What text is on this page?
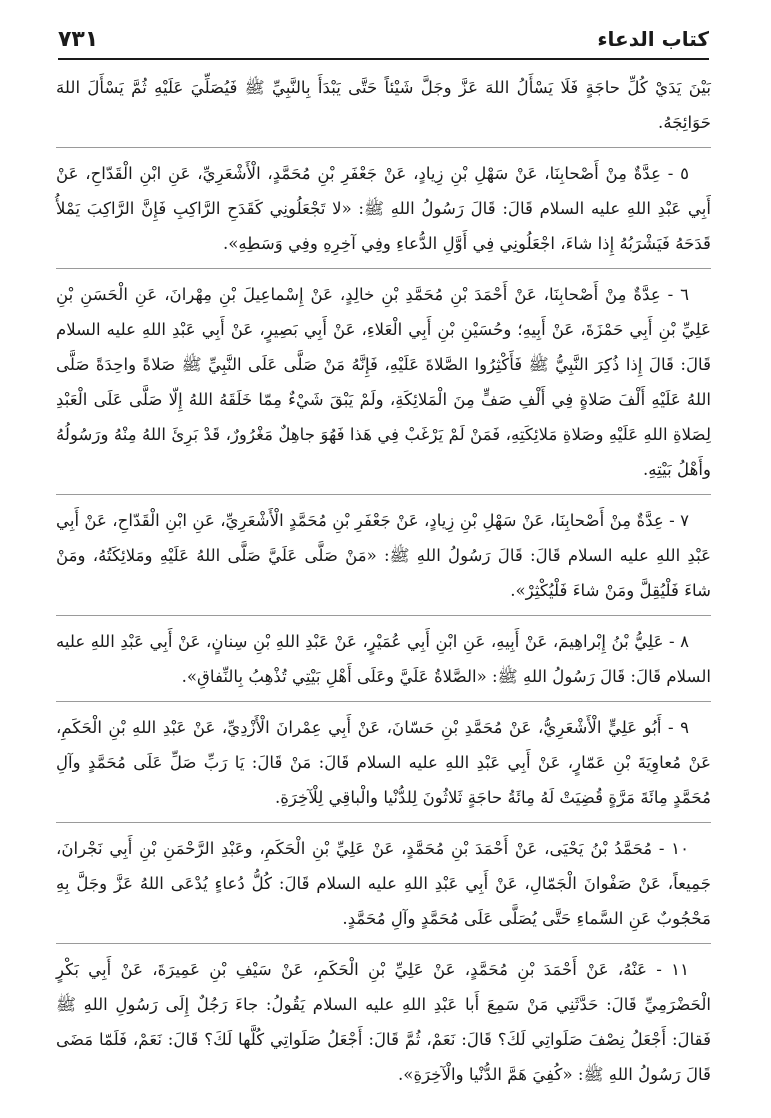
٧٣١	كتاب الدعاء

بَيْنَ يَدَيْ كُلِّ حاجَةٍ فَلَا يَسْأَلُ اللهَ عَزَّ وجَلَّ شَيْئاً حَتَّى يَبْدَأَ بِالنَّبِيِّ ﷺ فَيُصَلِّيَ عَلَيْهِ ثُمَّ يَسْأَلَ اللهَ حَوَائِجَهُ.

٥ - عِدَّةٌ مِنْ أَصْحابِنَا، عَنْ سَهْلِ بْنِ زِيادٍ، عَنْ جَعْفَرِ بْنِ مُحَمَّدٍ، الْأَشْعَرِيِّ، عَنِ ابْنِ الْقَدّاحِ، عَنْ أَبِي عَبْدِ اللهِ عليه السلام قَالَ: قَالَ رَسُولُ اللهِ ﷺ: «لا تَجْعَلُونِي كَقَدَحِ الرَّاكِبِ فَإِنَّ الرَّاكِبَ يَمْلأُ قَدَحَهُ فَيَشْرَبُهُ إِذا شاءَ، اجْعَلُونِي فِي أَوَّلِ الدُّعاءِ وفِي آخِرِهِ وفِي وَسَطِهِ».

٦ - عِدَّةٌ مِنْ أَصْحابِنَا، عَنْ أَحْمَدَ بْنِ مُحَمَّدِ بْنِ خالِدٍ، عَنْ إِسْماعِيلَ بْنِ مِهْرانَ، عَنِ الْحَسَنِ بْنِ عَلِيِّ بْنِ أَبِي حَمْزَةَ، عَنْ أَبِيهِ؛ وحُسَيْنِ بْنِ أَبِي الْعَلاءِ، عَنْ أَبِي بَصِيرٍ، عَنْ أَبِي عَبْدِ اللهِ عليه السلام قَالَ: قَالَ إِذا ذُكِرَ النَّبِيُّ ﷺ فَأَكْثِرُوا الصَّلاةَ عَلَيْهِ، فَإِنَّهُ مَنْ صَلَّى عَلَى النَّبِيِّ ﷺ صَلاةً واحِدَةً صَلَّى اللهُ عَلَيْهِ أَلْفَ صَلاةٍ فِي أَلْفِ صَفٍّ مِنَ الْمَلائِكَةِ، ولَمْ يَبْقَ شَيْءٌ مِمّا خَلَقَهُ اللهُ إِلّا صَلَّى عَلَى الْعَبْدِ لِصَلاةِ اللهِ عَلَيْهِ وصَلاةِ مَلائِكَتِهِ، فَمَنْ لَمْ يَرْغَبْ فِي هَذا فَهُوَ جاهِلٌ مَغْرُورٌ، قَدْ بَرِئَ اللهُ مِنْهُ ورَسُولُهُ وأَهْلُ بَيْتِهِ.

٧ - عِدَّةٌ مِنْ أَصْحابِنَا، عَنْ سَهْلِ بْنِ زِيادٍ، عَنْ جَعْفَرِ بْنِ مُحَمَّدٍ الْأَشْعَرِيِّ، عَنِ ابْنِ الْقَدّاحِ، عَنْ أَبِي عَبْدِ اللهِ عليه السلام قَالَ: قَالَ رَسُولُ اللهِ ﷺ: «مَنْ صَلَّى عَلَيَّ صَلَّى اللهُ عَلَيْهِ ومَلائِكَتُهُ، ومَنْ شاءَ فَلْيُقِلَّ ومَنْ شاءَ فَلْيُكْثِرْ».

٨ - عَلِيُّ بْنُ إِبْراهِيمَ، عَنْ أَبِيهِ، عَنِ ابْنِ أَبِي عُمَيْرٍ، عَنْ عَبْدِ اللهِ بْنِ سِنانٍ، عَنْ أَبِي عَبْدِ اللهِ عليه السلام قَالَ: قَالَ رَسُولُ اللهِ ﷺ: «الصَّلاةُ عَلَيَّ وعَلَى أَهْلِ بَيْتِي تُذْهِبُ بِالنِّفاقِ».

٩ - أَبُو عَلِيٍّ الْأَشْعَرِيُّ، عَنْ مُحَمَّدِ بْنِ حَسّانَ، عَنْ أَبِي عِمْرانَ الْأَزْدِيِّ، عَنْ عَبْدِ اللهِ بْنِ الْحَكَمِ، عَنْ مُعاوِيَةَ بْنِ عَمّارٍ، عَنْ أَبِي عَبْدِ اللهِ عليه السلام قَالَ: مَنْ قَالَ: يَا رَبِّ صَلِّ عَلَى مُحَمَّدٍ وآلِ مُحَمَّدٍ مِائَةَ مَرَّةٍ قُضِيَتْ لَهُ مِائَةُ حاجَةٍ ثَلاثُونَ لِلدُّنْيا والْباقِي لِلْآخِرَةِ.

١٠ - مُحَمَّدُ بْنُ يَحْيَى، عَنْ أَحْمَدَ بْنِ مُحَمَّدٍ، عَنْ عَلِيِّ بْنِ الْحَكَمِ، وعَبْدِ الرَّحْمَنِ بْنِ أَبِي نَجْرانَ، جَمِيعاً، عَنْ صَفْوانَ الْجَمّالِ، عَنْ أَبِي عَبْدِ اللهِ عليه السلام قَالَ: كُلُّ دُعاءٍ يُدْعَى اللهُ عَزَّ وجَلَّ بِهِ مَحْجُوبٌ عَنِ السَّماءِ حَتَّى يُصَلَّى عَلَى مُحَمَّدٍ وآلِ مُحَمَّدٍ.

١١ - عَنْهُ، عَنْ أَحْمَدَ بْنِ مُحَمَّدٍ، عَنْ عَلِيِّ بْنِ الْحَكَمِ، عَنْ سَيْفِ بْنِ عَمِيرَةَ، عَنْ أَبِي بَكْرٍ الْحَضْرَمِيِّ قَالَ: حَدَّثَنِي مَنْ سَمِعَ أَبا عَبْدِ اللهِ عليه السلام يَقُولُ: جاءَ رَجُلٌ إِلَى رَسُولِ اللهِ ﷺ فَقالَ: أَجْعَلُ نِصْفَ صَلَواتِي لَكَ؟ قَالَ: نَعَمْ، ثُمَّ قَالَ: أَجْعَلُ صَلَواتِي كُلَّها لَكَ؟ قَالَ: نَعَمْ، فَلَمّا مَضَى قَالَ رَسُولُ اللهِ ﷺ: «كُفِيَ هَمَّ الدُّنْيا والْآخِرَةِ».
